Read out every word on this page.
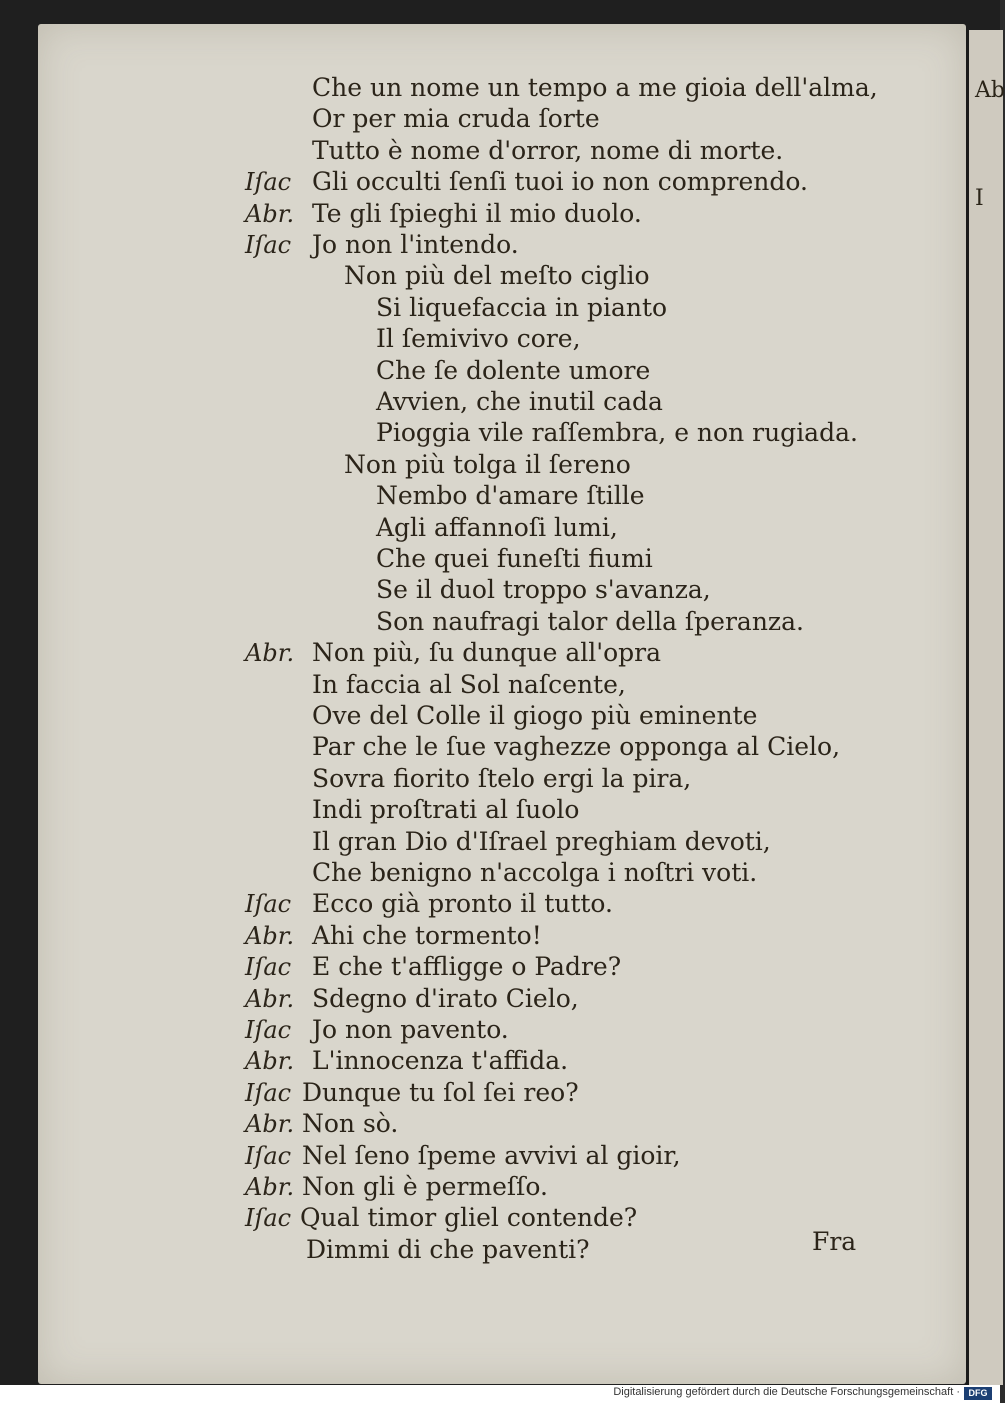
Ab
I
Che un nome un tempo a me gioia dell'alma,
Or per mia cruda ſorte
Tutto è nome d'orror, nome di morte.
Iſac Gli occulti ſenſi tuoi io non comprendo.
Abr. Te gli ſpieghi il mio duolo.
Iſac Jo non l'intendo.
Non più del meſto ciglio
Si liquefaccia in pianto
Il ſemivivo core,
Che ſe dolente umore
Avvien, che inutil cada
Pioggia vile raſſembra, e non rugiada.
Non più tolga il ſereno
Nembo d'amare ſtille
Agli affannoſi lumi,
Che quei funeſti fiumi
Se il duol troppo s'avanza,
Son naufragi talor della ſperanza.
Abr. Non più, ſu dunque all'opra
In faccia al Sol naſcente,
Ove del Colle il giogo più eminente
Par che le ſue vaghezze opponga al Cielo,
Sovra fiorito ſtelo ergi la pira,
Indi proſtrati al ſuolo
Il gran Dio d'Iſrael preghiam devoti,
Che benigno n'accolga i noſtri voti.
Iſac Ecco già pronto il tutto.
Abr. Ahi che tormento!
Iſac E che t'affligge o Padre?
Abr. Sdegno d'irato Cielo,
Iſac Jo non pavento.
Abr. L'innocenza t'affida.
Iſac Dunque tu ſol ſei reo?
Abr. Non sò.
Iſac Nel ſeno ſpeme avvivi al gioir,
Abr. Non gli è permeſſo.
Iſac Qual timor gliel contende?
Dimmi di che paventi?	Fra
Digitalisierung gefördert durch die Deutsche Forschungsgemeinschaft · DFG
